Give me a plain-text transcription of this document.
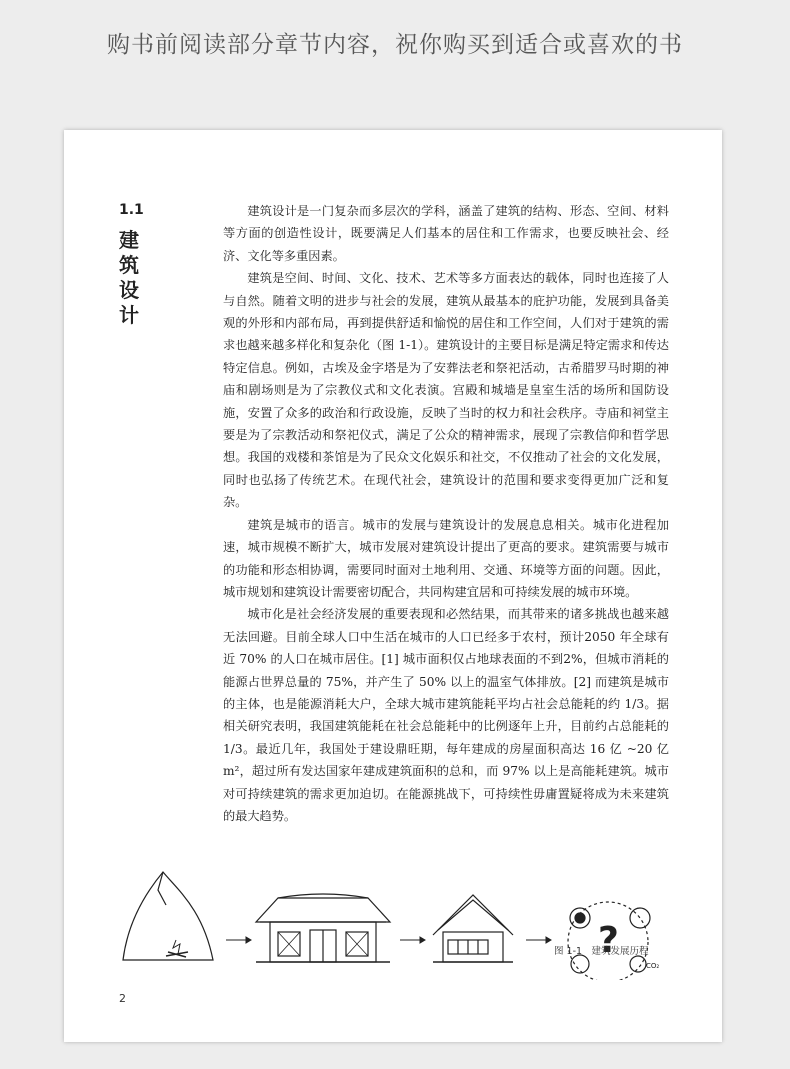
购书前阅读部分章节内容，祝你购买到适合或喜欢的书
1.1
建筑设计

建筑设计是一门复杂而多层次的学科，涵盖了建筑的结构、形态、空间、材料等方面的创造性设计，既要满足人们基本的居住和工作需求，也要反映社会、经济、文化等多重因素。

建筑是空间、时间、文化、技术、艺术等多方面表达的载体，同时也连接了人与自然。随着文明的进步与社会的发展，建筑从最基本的庇护功能，发展到具备美观的外形和内部布局，再到提供舒适和愉悦的居住和工作空间，人们对于建筑的需求也越来越多样化和复杂化（图 1-1）。建筑设计的主要目标是满足特定需求和传达特定信息。例如，古埃及金字塔是为了安葬法老和祭祀活动，古希腊罗马时期的神庙和剧场则是为了宗教仪式和文化表演。宫殿和城墙是皇室生活的场所和国防设施，安置了众多的政治和行政设施，反映了当时的权力和社会秩序。寺庙和祠堂主要是为了宗教活动和祭祀仪式，满足了公众的精神需求，展现了宗教信仰和哲学思想。我国的戏楼和茶馆是为了民众文化娱乐和社交，不仅推动了社会的文化发展，同时也弘扬了传统艺术。在现代社会，建筑设计的范围和要求变得更加广泛和复杂。

建筑是城市的语言。城市的发展与建筑设计的发展息息相关。城市化进程加速，城市规模不断扩大，城市发展对建筑设计提出了更高的要求。建筑需要与城市的功能和形态相协调，需要同时面对土地利用、交通、环境等方面的问题。因此，城市规划和建筑设计需要密切配合，共同构建宜居和可持续发展的城市环境。

城市化是社会经济发展的重要表现和必然结果，而其带来的诸多挑战也越来越无法回避。目前全球人口中生活在城市的人口已经多于农村，预计2050 年全球有近 70% 的人口在城市居住。[1] 城市面积仅占地球表面的不到2%，但城市消耗的能源占世界总量的 75%，并产生了 50% 以上的温室气体排放。[2] 而建筑是城市的主体，也是能源消耗大户，全球大城市建筑能耗平均占社会总能耗的约 1/3。据相关研究表明，我国建筑能耗在社会总能耗中的比例逐年上升，目前约占总能耗的 1/3。最近几年，我国处于建设鼎旺期，每年建成的房屋面积高达 16 亿 ~20 亿 m²，超过所有发达国家年建成建筑面积的总和，而 97% 以上是高能耗建筑。城市对可持续建筑的需求更加迫切。在能源挑战下，可持续性毋庸置疑将成为未来建筑的最大趋势。

?
CO₂
图 1-1　建筑发展历程
2
